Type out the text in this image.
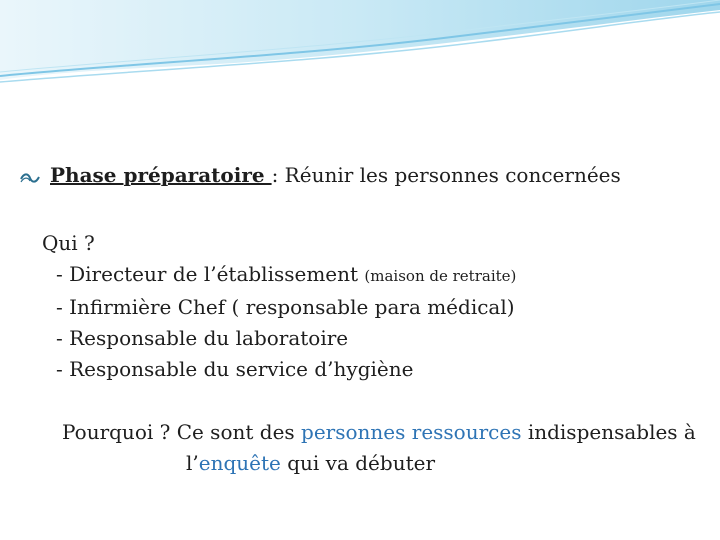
Phase préparatoire : Réunir les personnes concernées
Qui ?
- Directeur de l’établissement (maison de retraite)
- Infirmière Chef ( responsable para médical)
- Responsable du laboratoire
- Responsable du service d’hygiène
Pourquoi ? Ce sont des personnes ressources indispensables à
l’enquête qui va débuter
